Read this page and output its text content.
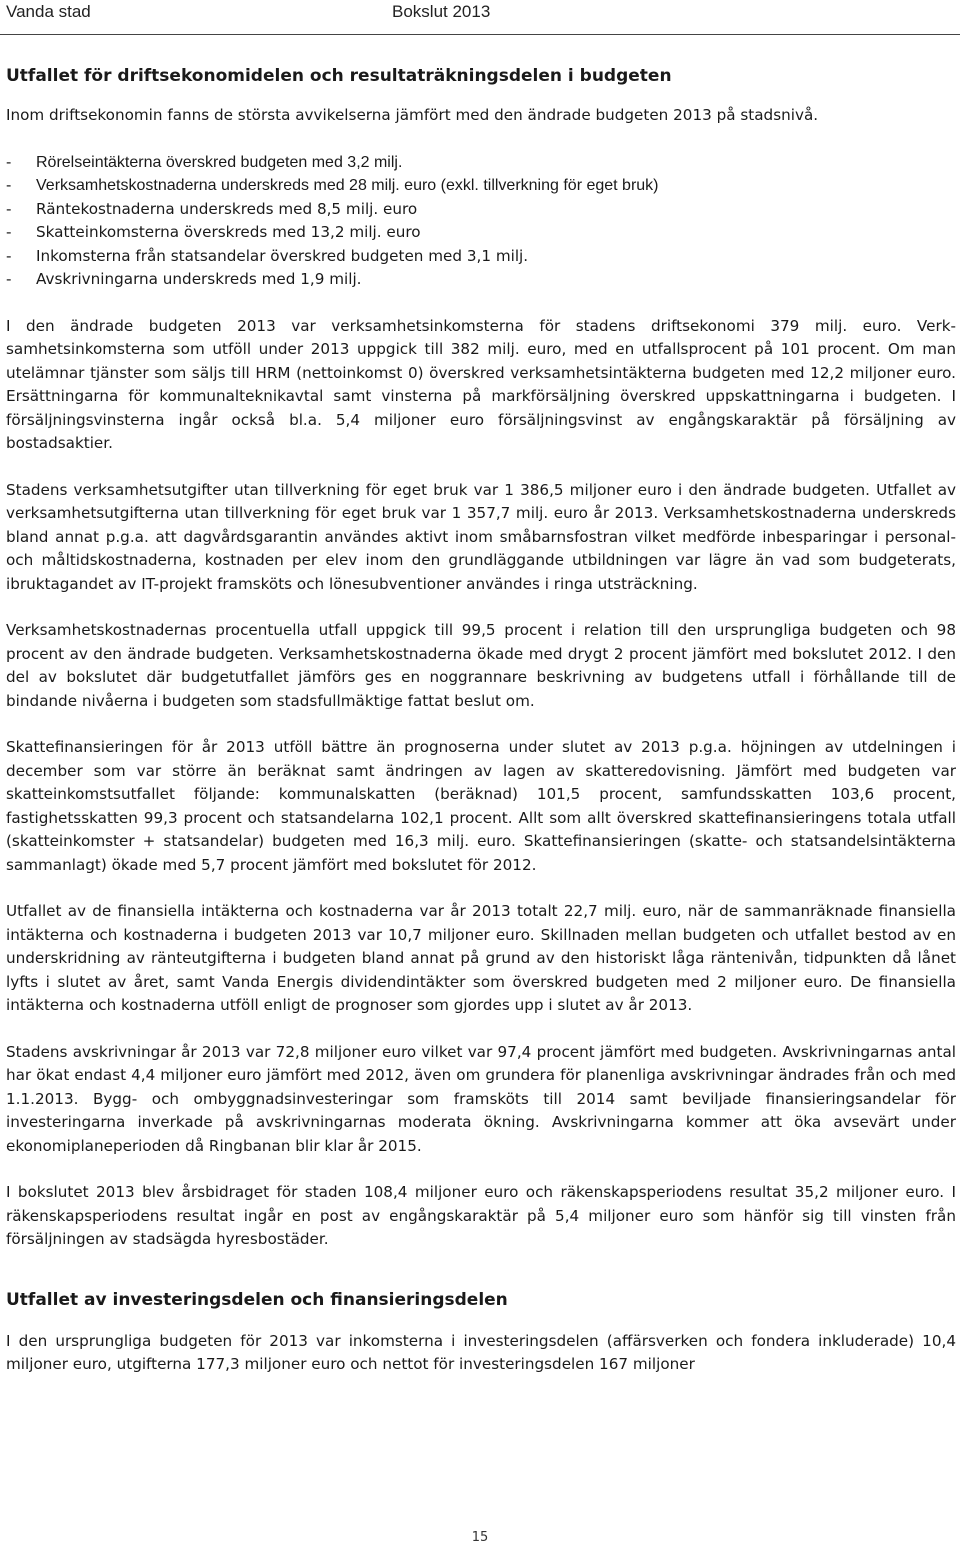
Vanda stad	Bokslut 2013
Utfallet för driftsekonomidelen och resultaträkningsdelen i budgeten

Inom driftsekonomin fanns de största avvikelserna jämfört med den ändrade budgeten 2013 på stadsnivå.

-	Rörelseintäkterna överskred budgeten med 3,2 milj.
-	Verksamhetskostnaderna underskreds med 28 milj. euro (exkl. tillverkning för eget bruk)
-	Räntekostnaderna underskreds med 8,5 milj. euro
-	Skatteinkomsterna överskreds med 13,2 milj. euro
-	Inkomsterna från statsandelar överskred budgeten med 3,1 milj.
-	Avskrivningarna underskreds med 1,9 milj.

I den ändrade budgeten 2013 var verksamhetsinkomsterna för stadens driftsekonomi 379 milj. euro. Verksamhetsinkomsterna som utföll under 2013 uppgick till 382 milj. euro, med en utfallsprocent på 101 procent. Om man utelämnar tjänster som säljs till HRM (nettoinkomst 0) överskred verksamhetsintäkterna budgeten med 12,2 miljoner euro. Ersättningarna för kommunalteknikavtal samt vinsterna på markförsäljning överskred uppskattningarna i budgeten. I försäljningsvinsterna ingår också bl.a. 5,4 miljoner euro försäljningsvinst av engångskaraktär på försäljning av bostadsaktier.

Stadens verksamhetsutgifter utan tillverkning för eget bruk var 1 386,5 miljoner euro i den ändrade budgeten. Utfallet av verksamhetsutgifterna utan tillverkning för eget bruk var 1 357,7 milj. euro år 2013. Verksamhetskostnaderna underskreds bland annat p.g.a. att dagvårdsgarantin användes aktivt inom småbarnsfostran vilket medförde inbesparingar i personal- och måltidskostnaderna, kostnaden per elev inom den grundläggande utbildningen var lägre än vad som budgeterats, ibruktagandet av IT-projekt framsköts och lönesubventioner användes i ringa utsträckning.

Verksamhetskostnadernas procentuella utfall uppgick till 99,5 procent i relation till den ursprungliga budgeten och 98 procent av den ändrade budgeten. Verksamhetskostnaderna ökade med drygt 2 procent jämfört med bokslutet 2012. I den del av bokslutet där budgetutfallet jämförs ges en noggrannare beskrivning av budgetens utfall i förhållande till de bindande nivåerna i budgeten som stadsfullmäktige fattat beslut om.

Skattefinansieringen för år 2013 utföll bättre än prognoserna under slutet av 2013 p.g.a. höjningen av utdelningen i december som var större än beräknat samt ändringen av lagen av skatteredovisning. Jämfört med budgeten var skatteinkomstsutfallet följande: kommunalskatten (beräknad) 101,5 procent, samfundsskatten 103,6 procent, fastighetsskatten 99,3 procent och statsandelarna 102,1 procent. Allt som allt överskred skattefinansieringens totala utfall (skatteinkomster + statsandelar) budgeten med 16,3 milj. euro. Skattefinansieringen (skatte- och statsandelsintäkterna sammanlagt) ökade med 5,7 procent jämfört med bokslutet för 2012.

Utfallet av de finansiella intäkterna och kostnaderna var år 2013 totalt 22,7 milj. euro, när de sammanräknade finansiella intäkterna och kostnaderna i budgeten 2013 var 10,7 miljoner euro. Skillnaden mellan budgeten och utfallet bestod av en underskridning av ränteutgifterna i budgeten bland annat på grund av den historiskt låga räntenivån, tidpunkten då lånet lyfts i slutet av året, samt Vanda Energis dividendintäkter som överskred budgeten med 2 miljoner euro. De finansiella intäkterna och kostnaderna utföll enligt de prognoser som gjordes upp i slutet av år 2013.

Stadens avskrivningar år 2013 var 72,8 miljoner euro vilket var 97,4 procent jämfört med budgeten. Avskrivningarnas antal har ökat endast 4,4 miljoner euro jämfört med 2012, även om grundera för planenliga avskrivningar ändrades från och med 1.1.2013. Bygg- och ombyggnadsinvesteringar som framsköts till 2014 samt beviljade finansieringsandelar för investeringarna inverkade på avskrivningarnas moderata ökning. Avskrivningarna kommer att öka avsevärt under ekonomiplaneperioden då Ringbanan blir klar år 2015.

I bokslutet 2013 blev årsbidraget för staden 108,4 miljoner euro och räkenskapsperiodens resultat 35,2 miljoner euro. I räkenskapsperiodens resultat ingår en post av engångskaraktär på 5,4 miljoner euro som hänför sig till vinsten från försäljningen av stadsägda hyresbostäder.

Utfallet av investeringsdelen och finansieringsdelen

I den ursprungliga budgeten för 2013 var inkomsterna i investeringsdelen (affärsverken och fondera inkluderade) 10,4 miljoner euro, utgifterna 177,3 miljoner euro och nettot för investeringsdelen 167 miljoner

15
